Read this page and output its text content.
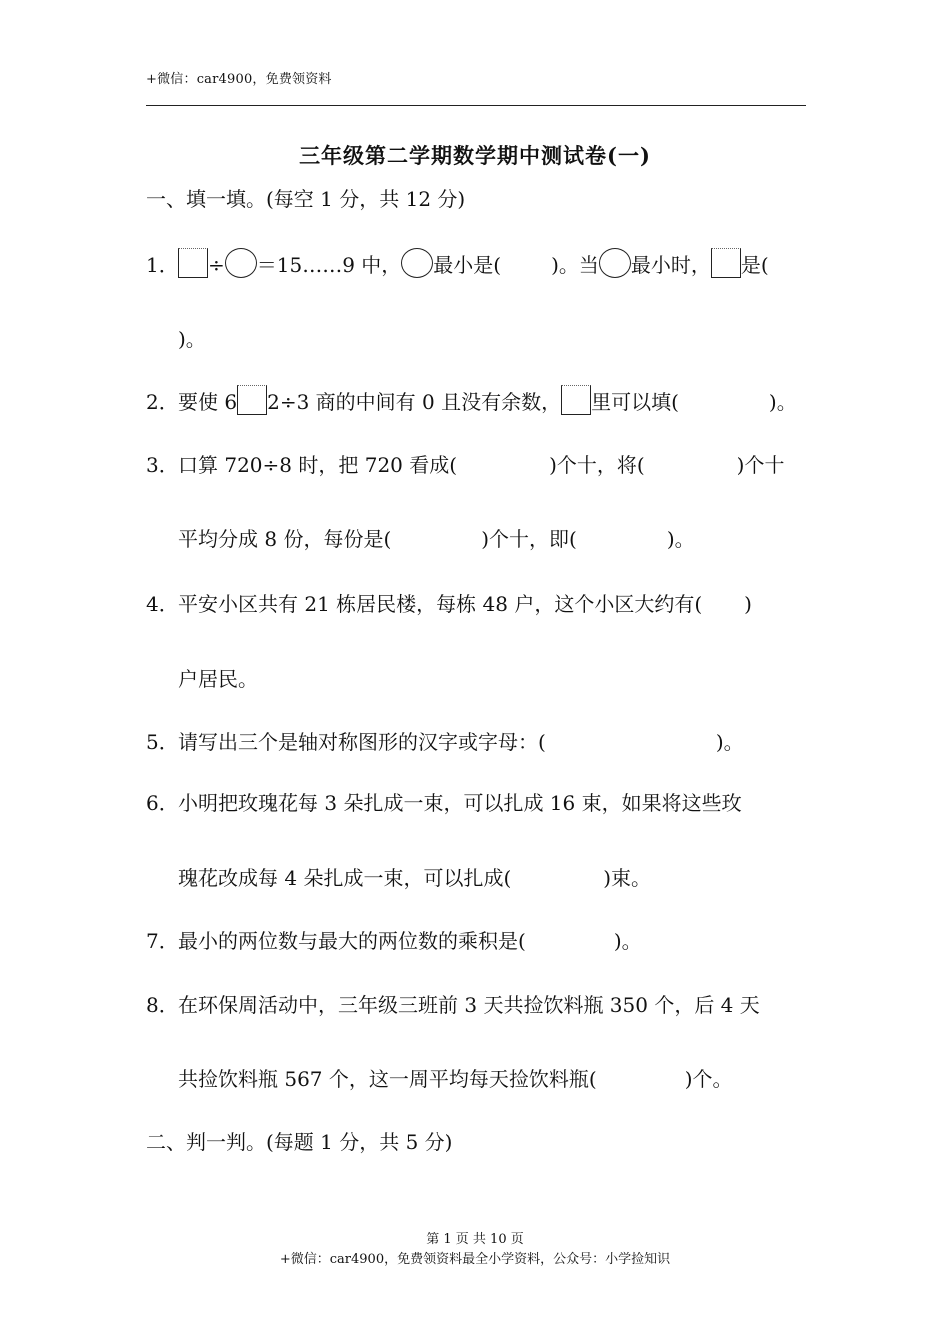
+微信：car4900，免费领资料
三年级第二学期数学期中测试卷(一)
一、填一填。(每空 1 分，共 12 分)
1． ÷ ＝15……9 中， 最小是(	)。当 最小时， 是(
)。
2．要使 6 2÷3 商的中间有 0 且没有余数， 里可以填(	)。
3．口算 720÷8 时，把 720 看成(	)个十，将(	)个十
平均分成 8 份，每份是(	)个十，即(	)。
4．平安小区共有 21 栋居民楼，每栋 48 户，这个小区大约有( )
户居民。
5．请写出三个是轴对称图形的汉字或字母：(	)。
6．小明把玫瑰花每 3 朵扎成一束，可以扎成 16 束，如果将这些玫
瑰花改成每 4 朵扎成一束，可以扎成(	)束。
7．最小的两位数与最大的两位数的乘积是(	)。
8．在环保周活动中，三年级三班前 3 天共捡饮料瓶 350 个，后 4 天
共捡饮料瓶 567 个，这一周平均每天捡饮料瓶(	)个。
二、判一判。(每题 1 分，共 5 分)
第 1 页 共 10 页
+微信：car4900，免费领资料最全小学资料，公众号：小学捡知识
